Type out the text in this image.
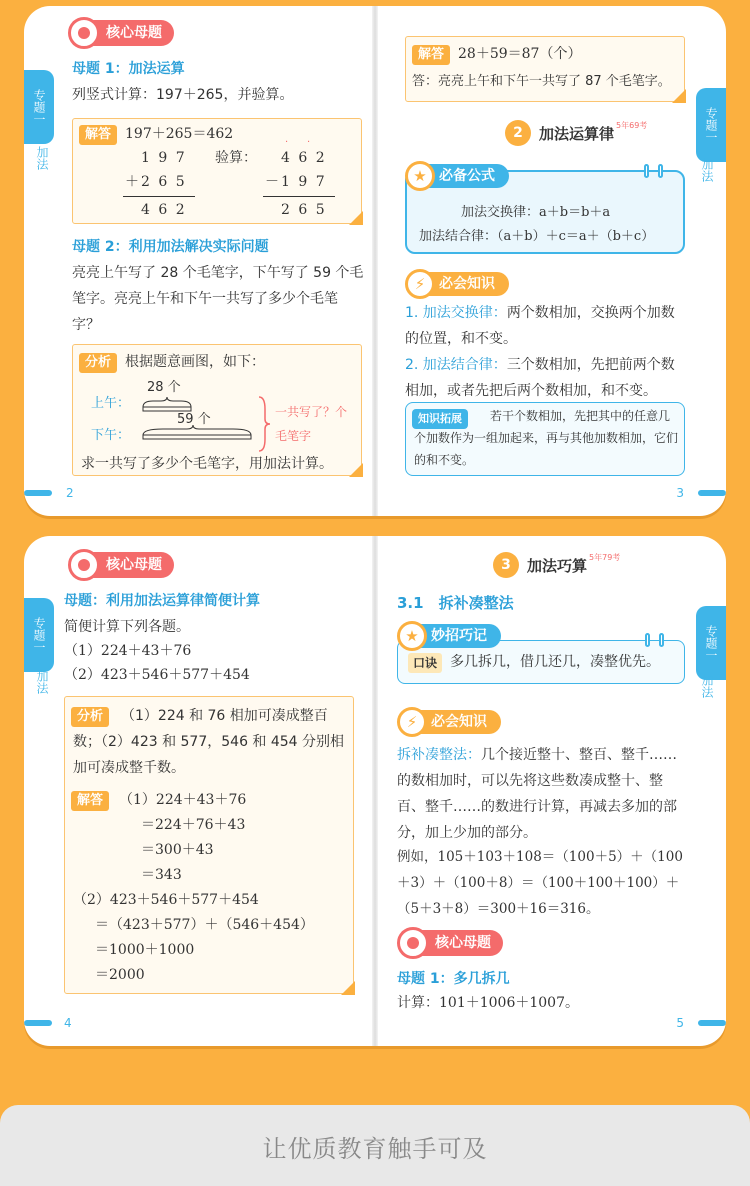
核心母题
专题一
加法
母题 1：加法运算
列竖式计算：197＋265，并验算。
解答 197＋265＝462
1 9 7
＋2 6 5
4 6 2
验算：
· ·
4 6 2
－1 9 7
2 6 5
母题 2：利用加法解决实际问题
亮亮上午写了 28 个毛笔字，下午写了 59 个毛笔字。亮亮上午和下午一共写了多少个毛笔字？
分析 根据题意画图，如下：
上午：
下午：
28 个
59 个	一共写了？个
毛笔字
求一共写了多少个毛笔字，用加法计算。
2
解答 28＋59＝87（个）
答：亮亮上午和下午一共写了 87 个毛笔字。
专题一
加法
2	加法运算律 5年69考
加法交换律：a＋b＝b＋a
加法结合律：（a＋b）＋c＝a＋（b＋c）
★ 必备公式
⚡ 必会知识
1. 加法交换律：两个数相加，交换两个加数的位置，和不变。
2. 加法结合律：三个数相加，先把前两个数相加，或者先把后两个数相加，和不变。
知识拓展	若干个数相加，先把其中的任意几个加数作为一组加起来，再与其他加数相加，它们的和不变。
3
核心母题
专题一
加法
母题：利用加法运算律简便计算
简便计算下列各题。
（1）224＋43＋76
（2）423＋546＋577＋454
分析	（1）224 和 76 相加可凑成整百数；（2）423 和 577，546 和 454 分别相加可凑成整千数。
解答	（1）224＋43＋76
＝224＋76＋43
＝300＋43
＝343
（2）423＋546＋577＋454
＝（423＋577）＋（546＋454）
＝1000＋1000
＝2000
4
3	加法巧算 5年79考
3.1　拆补凑整法
专题一
加法
口诀 多几拆几，借几还几，凑整优先。
★ 妙招巧记
⚡ 必会知识
拆补凑整法：几个接近整十、整百、整千……的数相加时，可以先将这些数凑成整十、整百、整千……的数进行计算，再减去多加的部分，加上少加的部分。
例如，105＋103＋108＝（100＋5）＋（100＋3）＋（100＋8）＝（100＋100＋100）＋（5＋3＋8）＝300＋16＝316。
核心母题
母题 1：多几拆几
计算：101＋1006＋1007。
5
让优质教育触手可及
